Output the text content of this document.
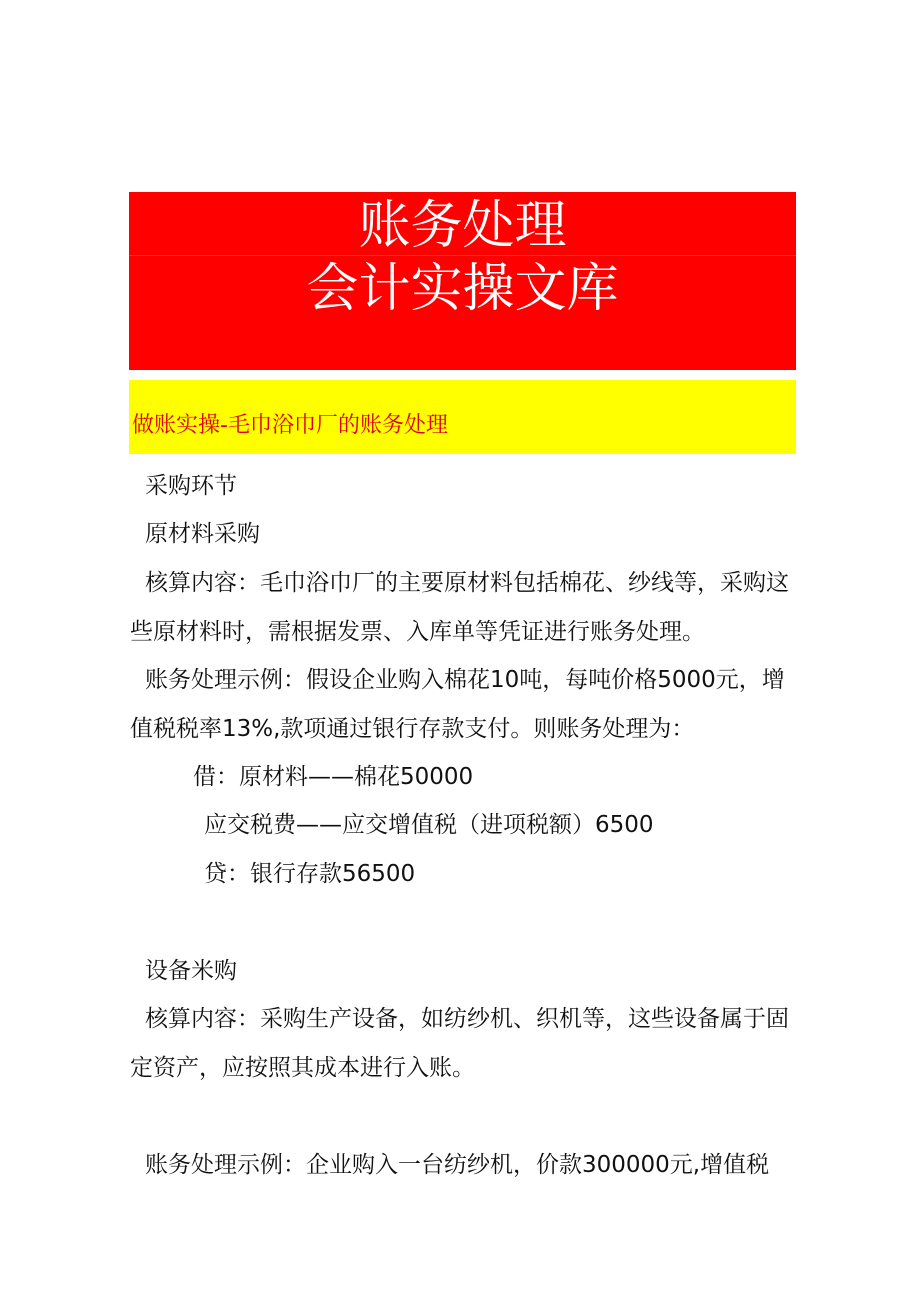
账务处理
会计实操文库
做账实操-毛巾浴巾厂的账务处理
采购环节
原材料采购
核算内容：毛巾浴巾厂的主要原材料包括棉花、纱线等，采购这
些原材料时，需根据发票、入库单等凭证进行账务处理。
账务处理示例：假设企业购入棉花10吨，每吨价格5000元，增
值税税率13%,款项通过银行存款支付。则账务处理为：
借：原材料——棉花50000
应交税费——应交增值税（进项税额）6500
贷：银行存款56500
设备米购
核算内容：采购生产设备，如纺纱机、织机等，这些设备属于固
定资产，应按照其成本进行入账。
账务处理示例：企业购入一台纺纱机，价款300000元,增值税
